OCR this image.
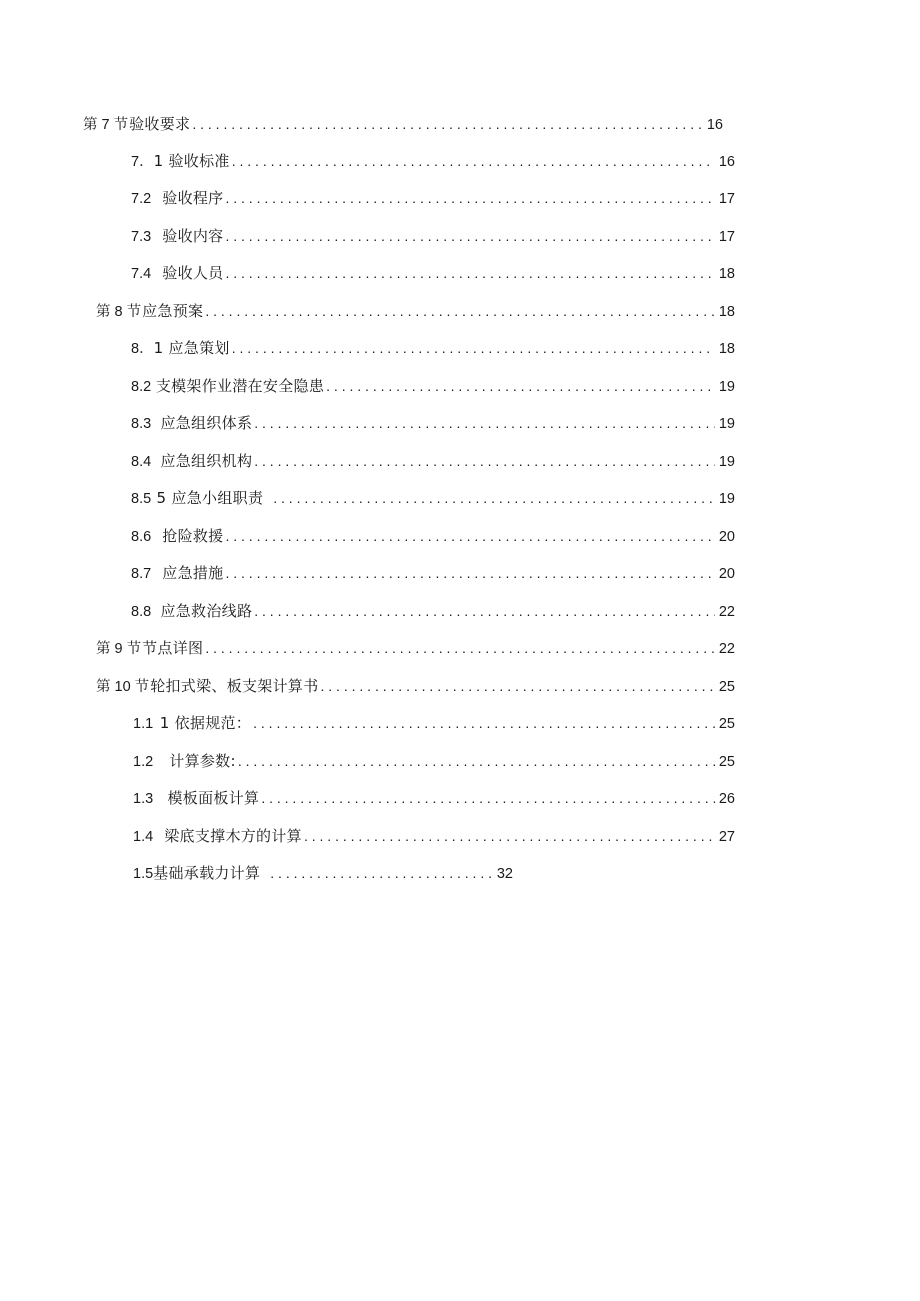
第 7 节 验收要求 . . .	16
7． 1 验收标准 . . .	16
7.2 验收程序 . . .	17
7.3 验收内容 . . .	17
7.4 验收人员 . . .	18
第 8 节 应急预案 . . .	18
8． 1 应急策划 . . .	18
8.2 支模架作业潜在安全隐患 . . .	19
8.3 应急组织体系 . . .	19
8.4 应急组织机构 . . .	19
8.5 5 应急小组职责 . . .	19
8.6 抢险救援 . . .	20
8.7 应急措施 . . .	20
8.8 应急救治线路 . . .	22
第 9 节 节点详图 . . .	22
第 10 节 轮扣式梁、板支架计算书 . . .	25
1.1 1 依据规范： . . .	25
1.2	计算参数: . . .	25
1.3 模板面板计算 . . .	26
1.4 梁底支撑木方的计算 . . .	27
1.5 基础承载力计算 . . .	32
